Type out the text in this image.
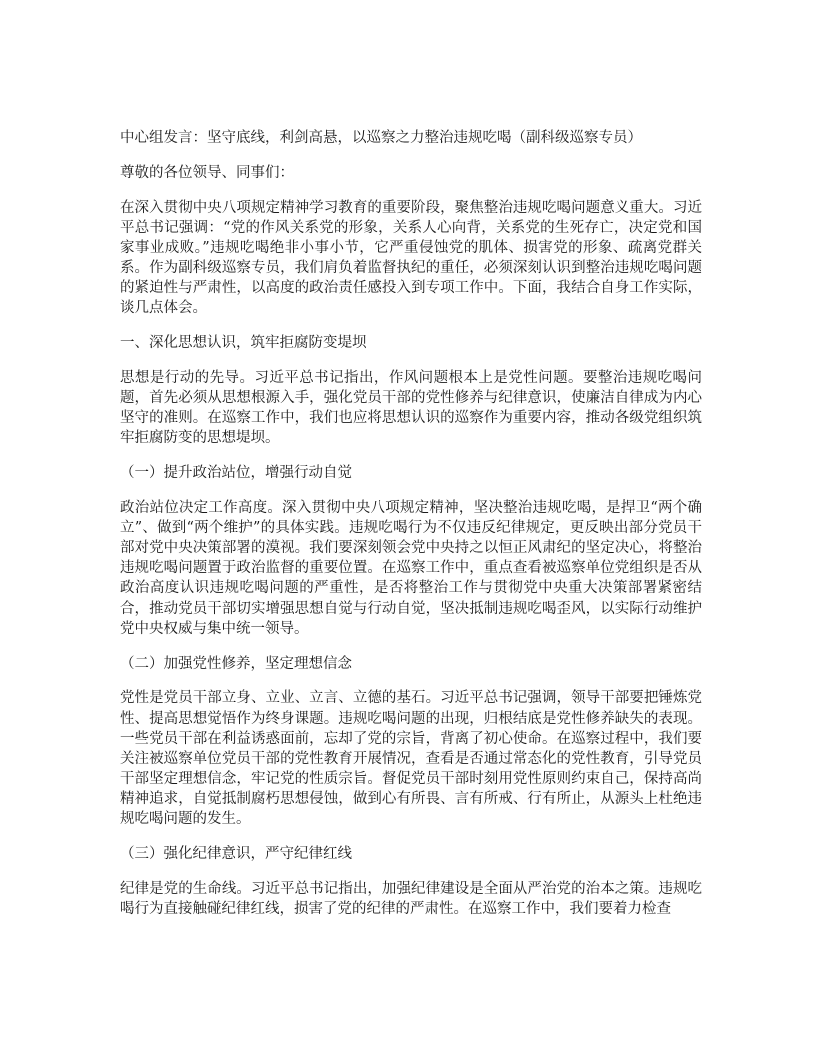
中心组发言：坚守底线，利剑高悬，以巡察之力整治违规吃喝（副科级巡察专员）

尊敬的各位领导、同事们：

在深入贯彻中央八项规定精神学习教育的重要阶段，聚焦整治违规吃喝问题意义重大。习近平总书记强调：“党的作风关系党的形象，关系人心向背，关系党的生死存亡，决定党和国家事业成败。”违规吃喝绝非小事小节，它严重侵蚀党的肌体、损害党的形象、疏离党群关系。作为副科级巡察专员，我们肩负着监督执纪的重任，必须深刻认识到整治违规吃喝问题的紧迫性与严肃性，以高度的政治责任感投入到专项工作中。下面，我结合自身工作实际，谈几点体会。

一、深化思想认识，筑牢拒腐防变堤坝

思想是行动的先导。习近平总书记指出，作风问题根本上是党性问题。要整治违规吃喝问题，首先必须从思想根源入手，强化党员干部的党性修养与纪律意识，使廉洁自律成为内心坚守的准则。在巡察工作中，我们也应将思想认识的巡察作为重要内容，推动各级党组织筑牢拒腐防变的思想堤坝。

（一）提升政治站位，增强行动自觉

政治站位决定工作高度。深入贯彻中央八项规定精神，坚决整治违规吃喝，是捍卫“两个确立”、做到“两个维护”的具体实践。违规吃喝行为不仅违反纪律规定，更反映出部分党员干部对党中央决策部署的漠视。我们要深刻领会党中央持之以恒正风肃纪的坚定决心，将整治违规吃喝问题置于政治监督的重要位置。在巡察工作中，重点查看被巡察单位党组织是否从政治高度认识违规吃喝问题的严重性，是否将整治工作与贯彻党中央重大决策部署紧密结合，推动党员干部切实增强思想自觉与行动自觉，坚决抵制违规吃喝歪风，以实际行动维护党中央权威与集中统一领导。

（二）加强党性修养，坚定理想信念

党性是党员干部立身、立业、立言、立德的基石。习近平总书记强调，领导干部要把锤炼党性、提高思想觉悟作为终身课题。违规吃喝问题的出现，归根结底是党性修养缺失的表现。一些党员干部在利益诱惑面前，忘却了党的宗旨，背离了初心使命。在巡察过程中，我们要关注被巡察单位党员干部的党性教育开展情况，查看是否通过常态化的党性教育，引导党员干部坚定理想信念，牢记党的性质宗旨。督促党员干部时刻用党性原则约束自己，保持高尚精神追求，自觉抵制腐朽思想侵蚀，做到心有所畏、言有所戒、行有所止，从源头上杜绝违规吃喝问题的发生。

（三）强化纪律意识，严守纪律红线

纪律是党的生命线。习近平总书记指出，加强纪律建设是全面从严治党的治本之策。违规吃喝行为直接触碰纪律红线，损害了党的纪律的严肃性。在巡察工作中，我们要着力检查
